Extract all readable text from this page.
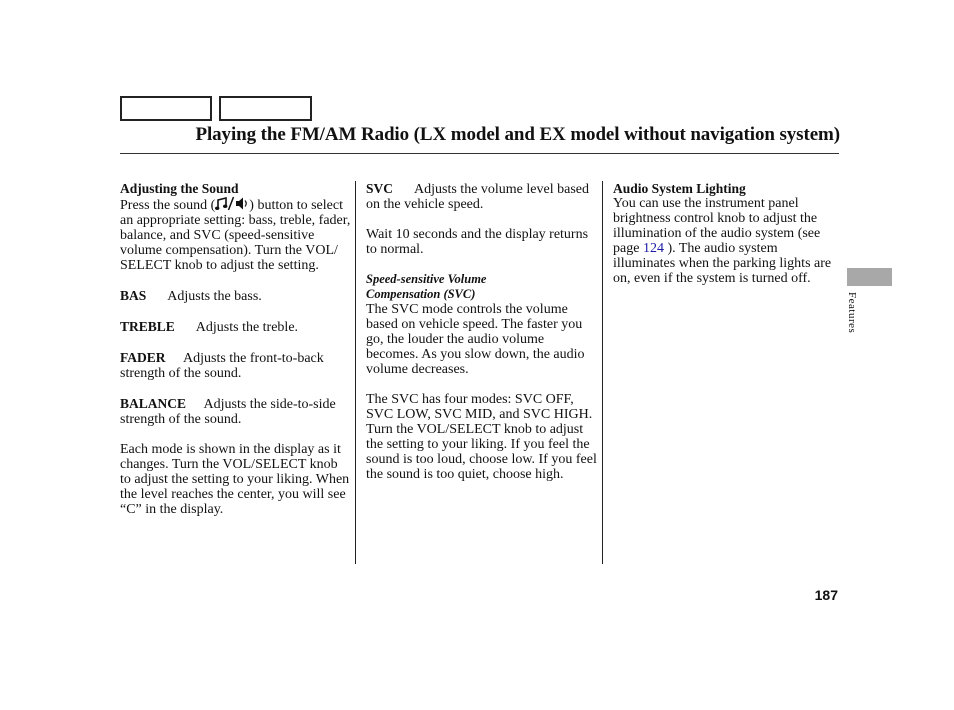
Playing the FM/AM Radio (LX model and EX model without navigation system)

Adjusting the Sound

Press the sound ( ) button to select an appropriate setting: bass, treble, fader, balance, and SVC (speed-sensitive volume compensation). Turn the VOL/ SELECT knob to adjust the setting.

BAS Adjusts the bass.

TREBLE Adjusts the treble.

FADER Adjusts the front-to-back strength of the sound.

BALANCE Adjusts the side-to-side strength of the sound.

Each mode is shown in the display as it changes. Turn the VOL/SELECT knob to adjust the setting to your liking. When the level reaches the center, you will see “C” in the display.

SVC Adjusts the volume level based on the vehicle speed.

Wait 10 seconds and the display returns to normal.

Speed-sensitive Volume

Compensation (SVC)

The SVC mode controls the volume based on vehicle speed. The faster you go, the louder the audio volume becomes. As you slow down, the audio volume decreases.

The SVC has four modes: SVC OFF, SVC LOW, SVC MID, and SVC HIGH. Turn the VOL/SELECT knob to adjust the setting to your liking. If you feel the sound is too loud, choose low. If you feel the sound is too quiet, choose high.

Audio System Lighting

You can use the instrument panel brightness control knob to adjust the illumination of the audio system (see page 124 ). The audio system illuminates when the parking lights are on, even if the system is turned off.

Features
187
